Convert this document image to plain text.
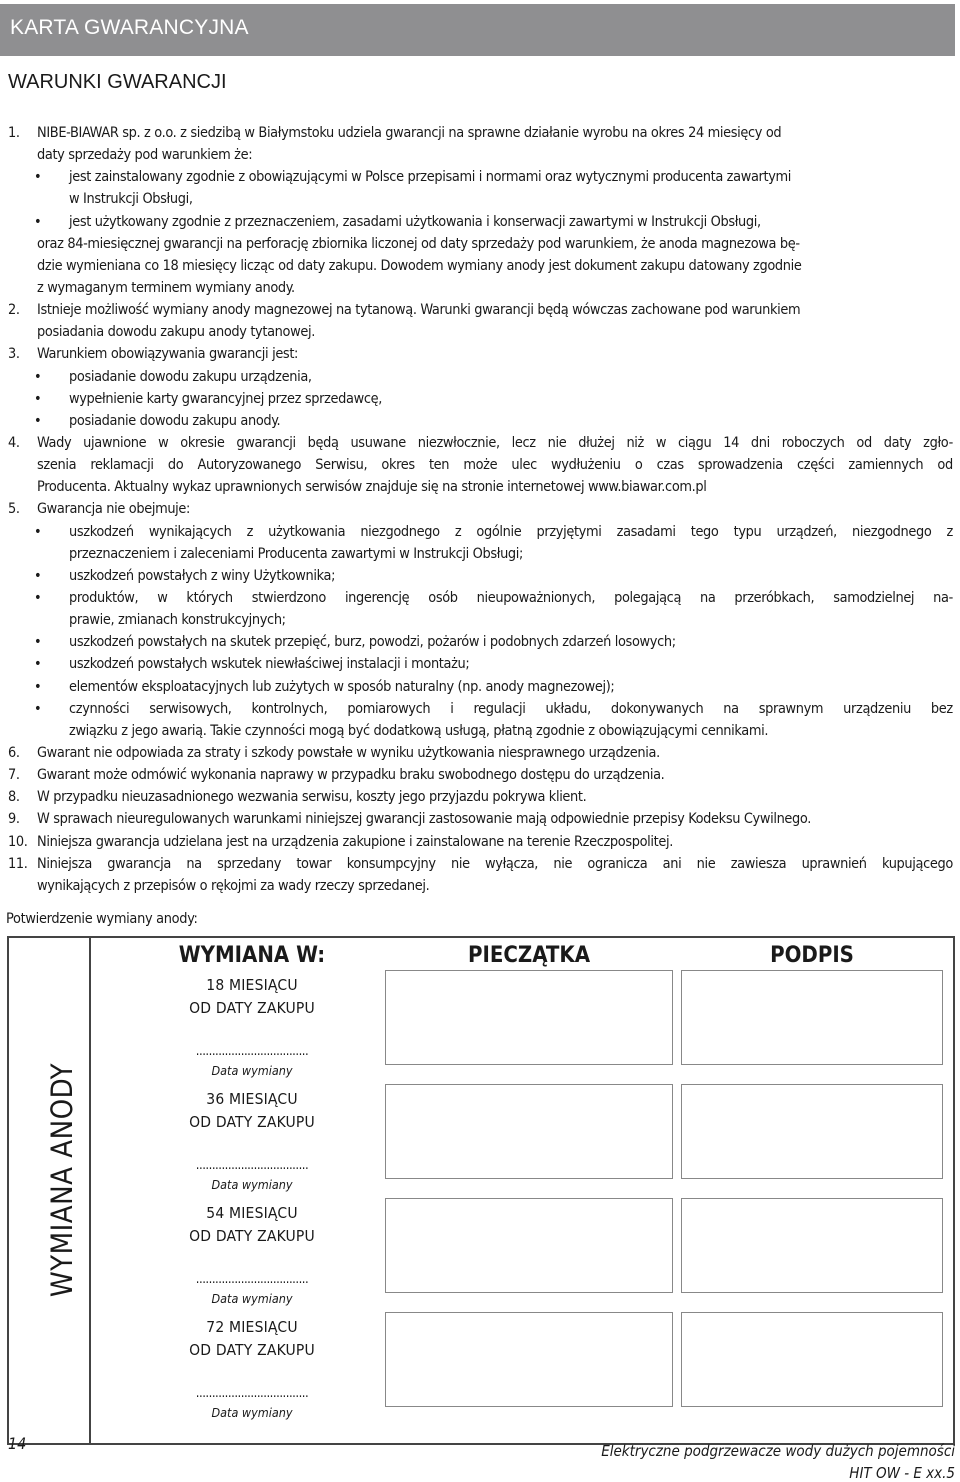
KARTA GWARANCYJNA
WARUNKI GWARANCJI
1. NIBE-BIAWAR sp. z o.o. z siedzibą w Białymstoku udziela gwarancji na sprawne działanie wyrobu na okres 24 miesięcy od
daty sprzedaży pod warunkiem że:
• jest zainstalowany zgodnie z obowiązującymi w Polsce przepisami i normami oraz wytycznymi producenta zawartymi
w Instrukcji Obsługi,
• jest użytkowany zgodnie z przeznaczeniem, zasadami użytkowania i konserwacji zawartymi w Instrukcji Obsługi,
oraz 84-miesięcznej gwarancji na perforację zbiornika liczonej od daty sprzedaży pod warunkiem, że anoda magnezowa bę-
dzie wymieniana co 18 miesięcy licząc od daty zakupu. Dowodem wymiany anody jest dokument zakupu datowany zgodnie
z wymaganym terminem wymiany anody.
2. Istnieje możliwość wymiany anody magnezowej na tytanową. Warunki gwarancji będą wówczas zachowane pod warunkiem
posiadania dowodu zakupu anody tytanowej.
3. Warunkiem obowiązywania gwarancji jest:
• posiadanie dowodu zakupu urządzenia,
• wypełnienie karty gwarancyjnej przez sprzedawcę,
• posiadanie dowodu zakupu anody.
4. Wady ujawnione w okresie gwarancji będą usuwane niezwłocznie, lecz nie dłużej niż w ciągu 14 dni roboczych od daty zgło-
szenia reklamacji do Autoryzowanego Serwisu, okres ten może ulec wydłużeniu o czas sprowadzenia części zamiennych od
Producenta. Aktualny wykaz uprawnionych serwisów znajduje się na stronie internetowej www.biawar.com.pl
5. Gwarancja nie obejmuje:
• uszkodzeń wynikających z użytkowania niezgodnego z ogólnie przyjętymi zasadami tego typu urządzeń, niezgodnego z
przeznaczeniem i zaleceniami Producenta zawartymi w Instrukcji Obsługi;
• uszkodzeń powstałych z winy Użytkownika;
• produktów, w których stwierdzono ingerencję osób nieupoważnionych, polegającą na przeróbkach, samodzielnej na-
prawie, zmianach konstrukcyjnych;
• uszkodzeń powstałych na skutek przepięć, burz, powodzi, pożarów i podobnych zdarzeń losowych;
• uszkodzeń powstałych wskutek niewłaściwej instalacji i montażu;
• elementów eksploatacyjnych lub zużytych w sposób naturalny (np. anody magnezowej);
• czynności serwisowych, kontrolnych, pomiarowych i regulacji układu, dokonywanych na sprawnym urządzeniu bez
związku z jego awarią. Takie czynności mogą być dodatkową usługą, płatną zgodnie z obowiązującymi cennikami.
6. Gwarant nie odpowiada za straty i szkody powstałe w wyniku użytkowania niesprawnego urządzenia.
7. Gwarant może odmówić wykonania naprawy w przypadku braku swobodnego dostępu do urządzenia.
8. W przypadku nieuzasadnionego wezwania serwisu, koszty jego przyjazdu pokrywa klient.
9. W sprawach nieuregulowanych warunkami niniejszej gwarancji zastosowanie mają odpowiednie przepisy Kodeksu Cywilnego.
10. Niniejsza gwarancja udzielana jest na urządzenia zakupione i zainstalowane na terenie Rzeczpospolitej.
11. Niniejsza gwarancja na sprzedany towar konsumpcyjny nie wyłącza, nie ogranicza ani nie zawiesza uprawnień kupującego
wynikających z przepisów o rękojmi za wady rzeczy sprzedanej.
Potwierdzenie wymiany anody:
WYMIANA ANODY
WYMIANA W:	PIECZĄTKA	PODPIS
18 MIESIĄCU
OD DATY ZAKUPU
...................................
Data wymiany
36 MIESIĄCU
OD DATY ZAKUPU
...................................
Data wymiany
54 MIESIĄCU
OD DATY ZAKUPU
...................................
Data wymiany
72 MIESIĄCU
OD DATY ZAKUPU
...................................
Data wymiany
14	Elektryczne podgrzewacze wody dużych pojemności
HIT OW - E xx.5
